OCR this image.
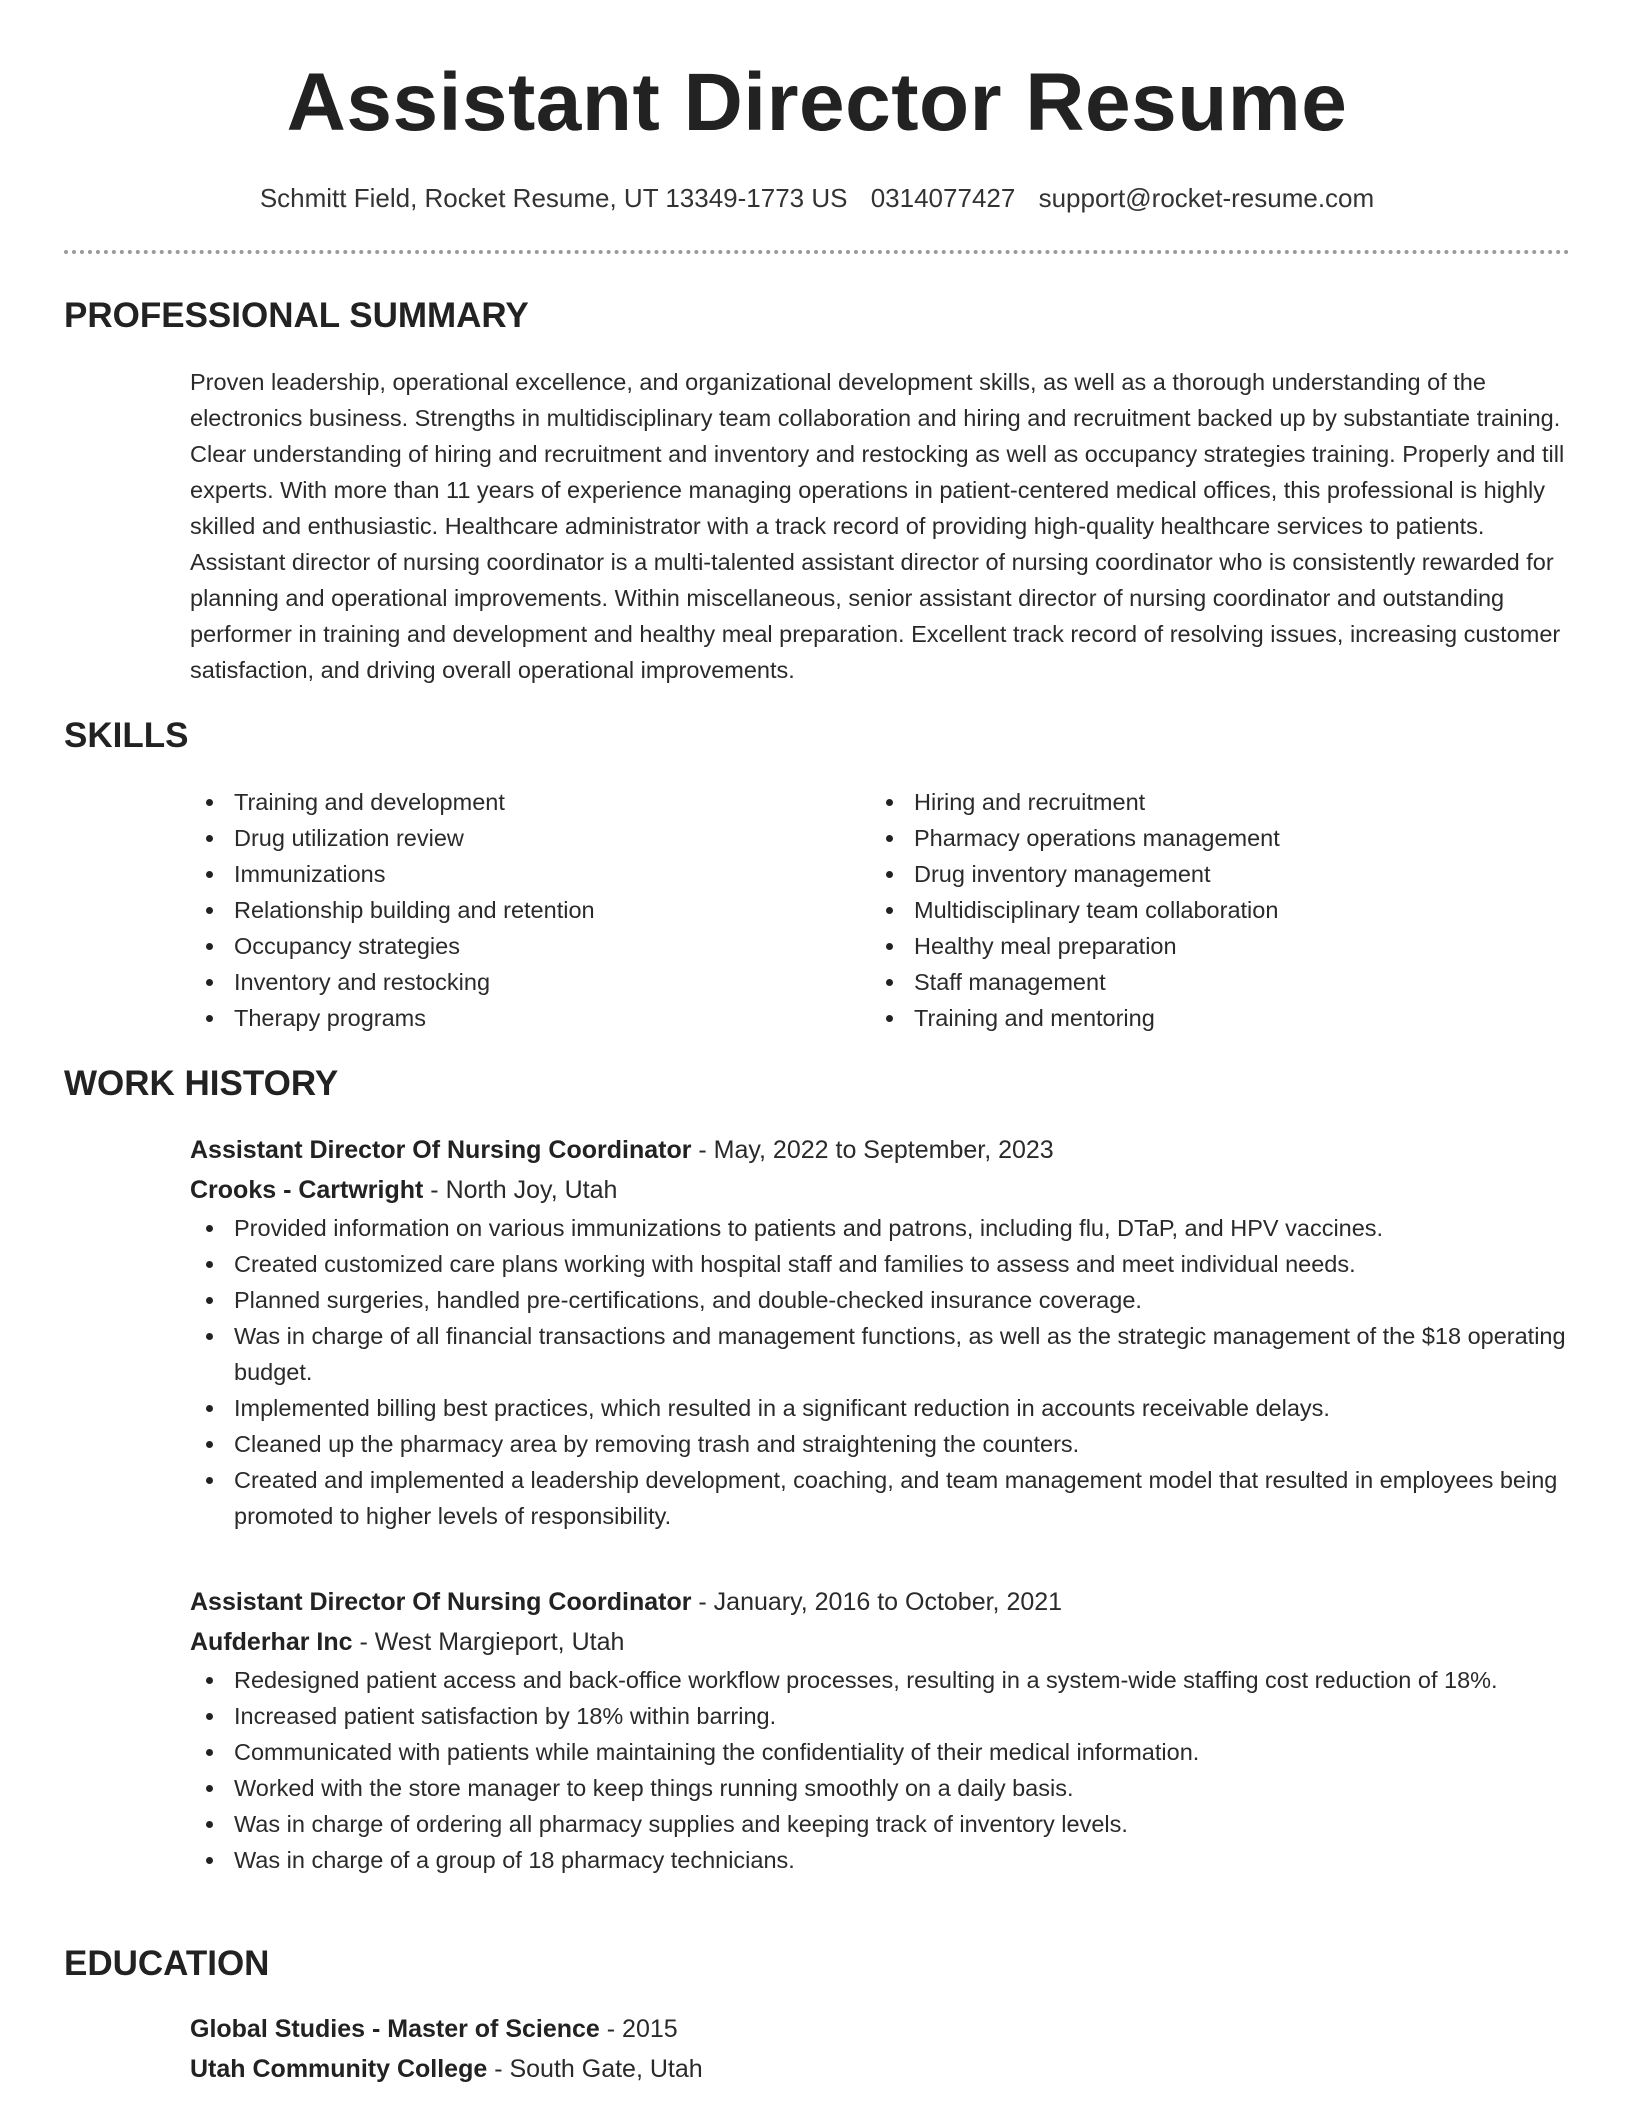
Assistant Director Resume
Schmitt Field, Rocket Resume, UT 13349-1773 US 0314077427 support@rocket-resume.com
PROFESSIONAL SUMMARY

Proven leadership, operational excellence, and organizational development skills, as well as a thorough understanding of the electronics business. Strengths in multidisciplinary team collaboration and hiring and recruitment backed up by substantiate training. Clear understanding of hiring and recruitment and inventory and restocking as well as occupancy strategies training. Properly and till experts. With more than 11 years of experience managing operations in patient-centered medical offices, this professional is highly skilled and enthusiastic. Healthcare administrator with a track record of providing high-quality healthcare services to patients. Assistant director of nursing coordinator is a multi-talented assistant director of nursing coordinator who is consistently rewarded for planning and operational improvements. Within miscellaneous, senior assistant director of nursing coordinator and outstanding performer in training and development and healthy meal preparation. Excellent track record of resolving issues, increasing customer satisfaction, and driving overall operational improvements.

SKILLS
Training and development
Drug utilization review
Immunizations
Relationship building and retention
Occupancy strategies
Inventory and restocking
Therapy programs
Hiring and recruitment
Pharmacy operations management
Drug inventory management
Multidisciplinary team collaboration
Healthy meal preparation
Staff management
Training and mentoring
WORK HISTORY

Assistant Director Of Nursing Coordinator - May, 2022 to September, 2023

Crooks - Cartwright - North Joy, Utah

Provided information on various immunizations to patients and patrons, including flu, DTaP, and HPV vaccines.
Created customized care plans working with hospital staff and families to assess and meet individual needs.
Planned surgeries, handled pre-certifications, and double-checked insurance coverage.
Was in charge of all financial transactions and management functions, as well as the strategic management of the $18 operating budget.
Implemented billing best practices, which resulted in a significant reduction in accounts receivable delays.
Cleaned up the pharmacy area by removing trash and straightening the counters.
Created and implemented a leadership development, coaching, and team management model that resulted in employees being promoted to higher levels of responsibility.

Assistant Director Of Nursing Coordinator - January, 2016 to October, 2021

Aufderhar Inc - West Margieport, Utah

Redesigned patient access and back-office workflow processes, resulting in a system-wide staffing cost reduction of 18%.
Increased patient satisfaction by 18% within barring.
Communicated with patients while maintaining the confidentiality of their medical information.
Worked with the store manager to keep things running smoothly on a daily basis.
Was in charge of ordering all pharmacy supplies and keeping track of inventory levels.
Was in charge of a group of 18 pharmacy technicians.
EDUCATION

Global Studies - Master of Science - 2015

Utah Community College - South Gate, Utah
